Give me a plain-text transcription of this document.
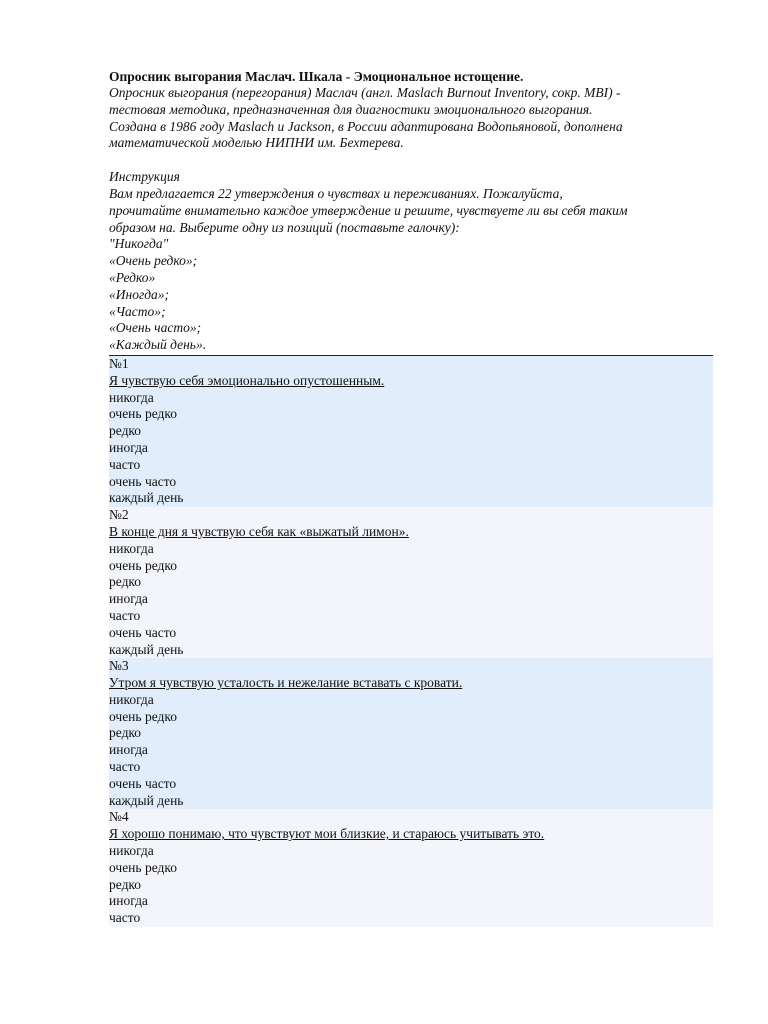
Опросник выгорания Маслач. Шкала - Эмоциональное истощение.

Опросник выгорания (перегорания) Маслач (англ. Maslach Burnout Inventory, сокр. MBI) -

тестовая методика, предназначенная для диагностики эмоционального выгорания.

Создана в 1986 году Maslach и Jackson, в России адаптирована Водопьяновой, дополнена

математической моделью НИПНИ им. Бехтерева.

Инструкция

Вам предлагается 22 утверждения о чувствах и переживаниях. Пожалуйста,

прочитайте внимательно каждое утверждение и решите, чувствуете ли вы себя таким

образом на. Выберите одну из позиций (поставьте галочку):

"Никогда"
«Очень редко»;
«Редко»
«Иногда»;
«Часто»;
«Очень часто»;
«Каждый день».

№1

Я чувствую себя эмоционально опустошенным.

никогда
очень редко
редко
иногда
часто
очень часто
каждый день

№2

В конце дня я чувствую себя как «выжатый лимон».

никогда
очень редко
редко
иногда
часто
очень часто
каждый день

№3

Утром я чувствую усталость и нежелание вставать с кровати.

никогда
очень редко
редко
иногда
часто
очень часто
каждый день

№4

Я хорошо понимаю, что чувствуют мои близкие, и стараюсь учитывать это.

никогда
очень редко
редко
иногда
часто
